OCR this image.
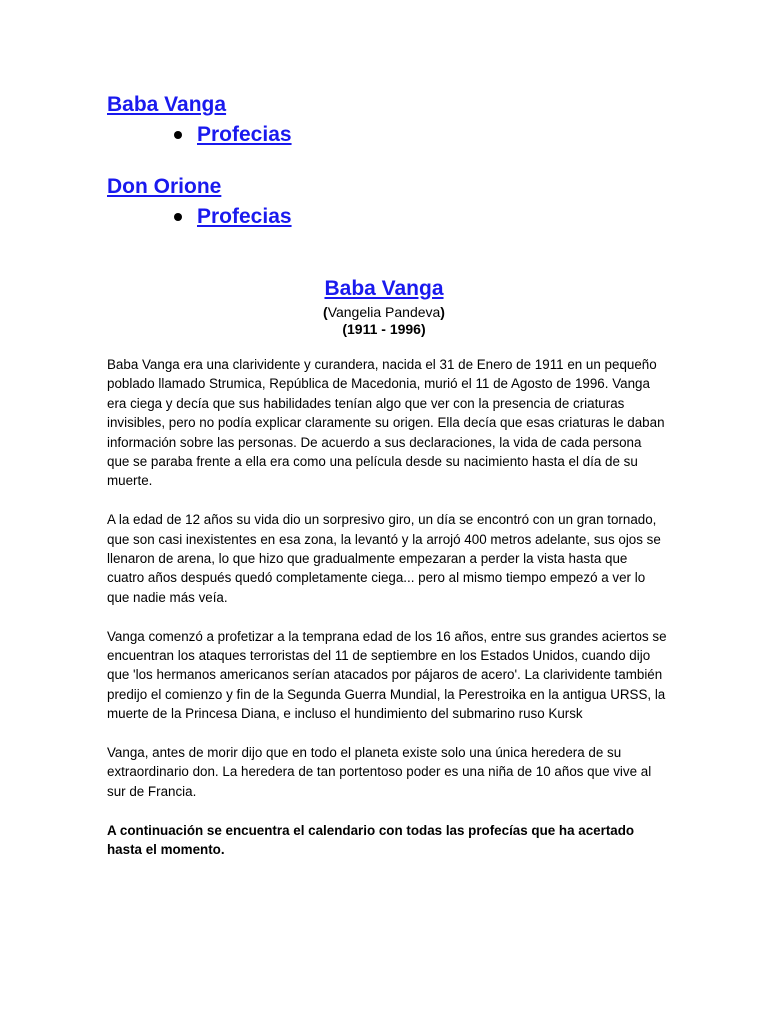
Baba Vanga
Profecias
Don Orione
Profecias
Baba Vanga
(Vangelia Pandeva)
(1911 - 1996)

Baba Vanga era una clarividente y curandera, nacida el 31 de Enero de 1911 en un pequeño poblado llamado Strumica, República de Macedonia, murió el 11 de Agosto de 1996. Vanga era ciega y decía que sus habilidades tenían algo que ver con la presencia de criaturas invisibles, pero no podía explicar claramente su origen. Ella decía que esas criaturas le daban información sobre las personas. De acuerdo a sus declaraciones, la vida de cada persona que se paraba frente a ella era como una película desde su nacimiento hasta el día de su muerte.

A la edad de 12 años su vida dio un sorpresivo giro, un día se encontró con un gran tornado, que son casi inexistentes en esa zona, la levantó y la arrojó 400 metros adelante, sus ojos se llenaron de arena, lo que hizo que gradualmente empezaran a perder la vista hasta que cuatro años después quedó completamente ciega... pero al mismo tiempo empezó a ver lo que nadie más veía.

Vanga comenzó a profetizar a la temprana edad de los 16 años, entre sus grandes aciertos se encuentran los ataques terroristas del 11 de septiembre en los Estados Unidos, cuando dijo que 'los hermanos americanos serían atacados por pájaros de acero'. La clarividente también predijo el comienzo y fin de la Segunda Guerra Mundial, la Perestroika en la antigua URSS, la muerte de la Princesa Diana, e incluso el hundimiento del submarino ruso Kursk

Vanga, antes de morir dijo que en todo el planeta existe solo una única heredera de su extraordinario don. La heredera de tan portentoso poder es una niña de 10 años que vive al sur de Francia.

A continuación se encuentra el calendario con todas las profecías que ha acertado hasta el momento.
